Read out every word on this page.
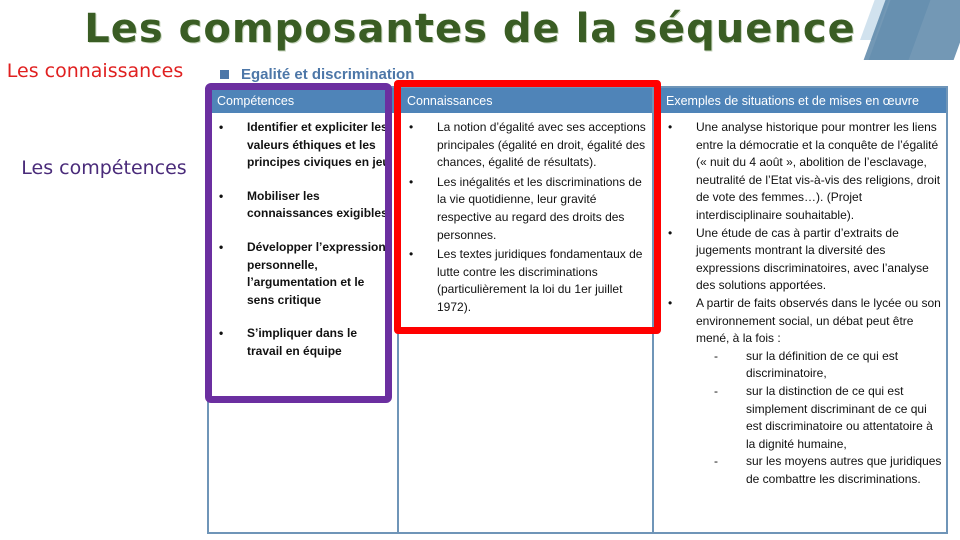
Les composantes de la séquence
Les connaissances
Les compétences
Egalité et discrimination
Compétences
• Identifier et expliciter les valeurs éthiques et les principes civiques en jeu
• Mobiliser les connaissances exigibles
• Développer l’expression personnelle, l’argumentation et le sens critique
• S’impliquer dans le travail en équipe
Connaissances
• La notion d’égalité avec ses acceptions principales (égalité en droit, égalité des chances, égalité de résultats).
• Les inégalités et les discriminations de la vie quotidienne, leur gravité respective au regard des droits des personnes.
• Les textes juridiques fondamentaux de lutte contre les discriminations (particulièrement la loi du 1er juillet 1972).
Exemples de situations et de mises en œuvre
• Une analyse historique pour montrer les liens entre la démocratie et la conquête de l’égalité (« nuit du 4 août », abolition de l’esclavage, neutralité de l’Etat vis-à-vis des religions, droit de vote des femmes…). (Projet interdisciplinaire souhaitable).
• Une étude de cas à partir d’extraits de jugements montrant la diversité des expressions discriminatoires, avec l’analyse des solutions apportées.
• A partir de faits observés dans le lycée ou son environnement social, un débat peut être mené, à la fois :
- sur la définition de ce qui est discriminatoire,
- sur la distinction de ce qui est simplement discriminant de ce qui est discriminatoire ou attentatoire à la dignité humaine,
- sur les moyens autres que juridiques de combattre les discriminations.
